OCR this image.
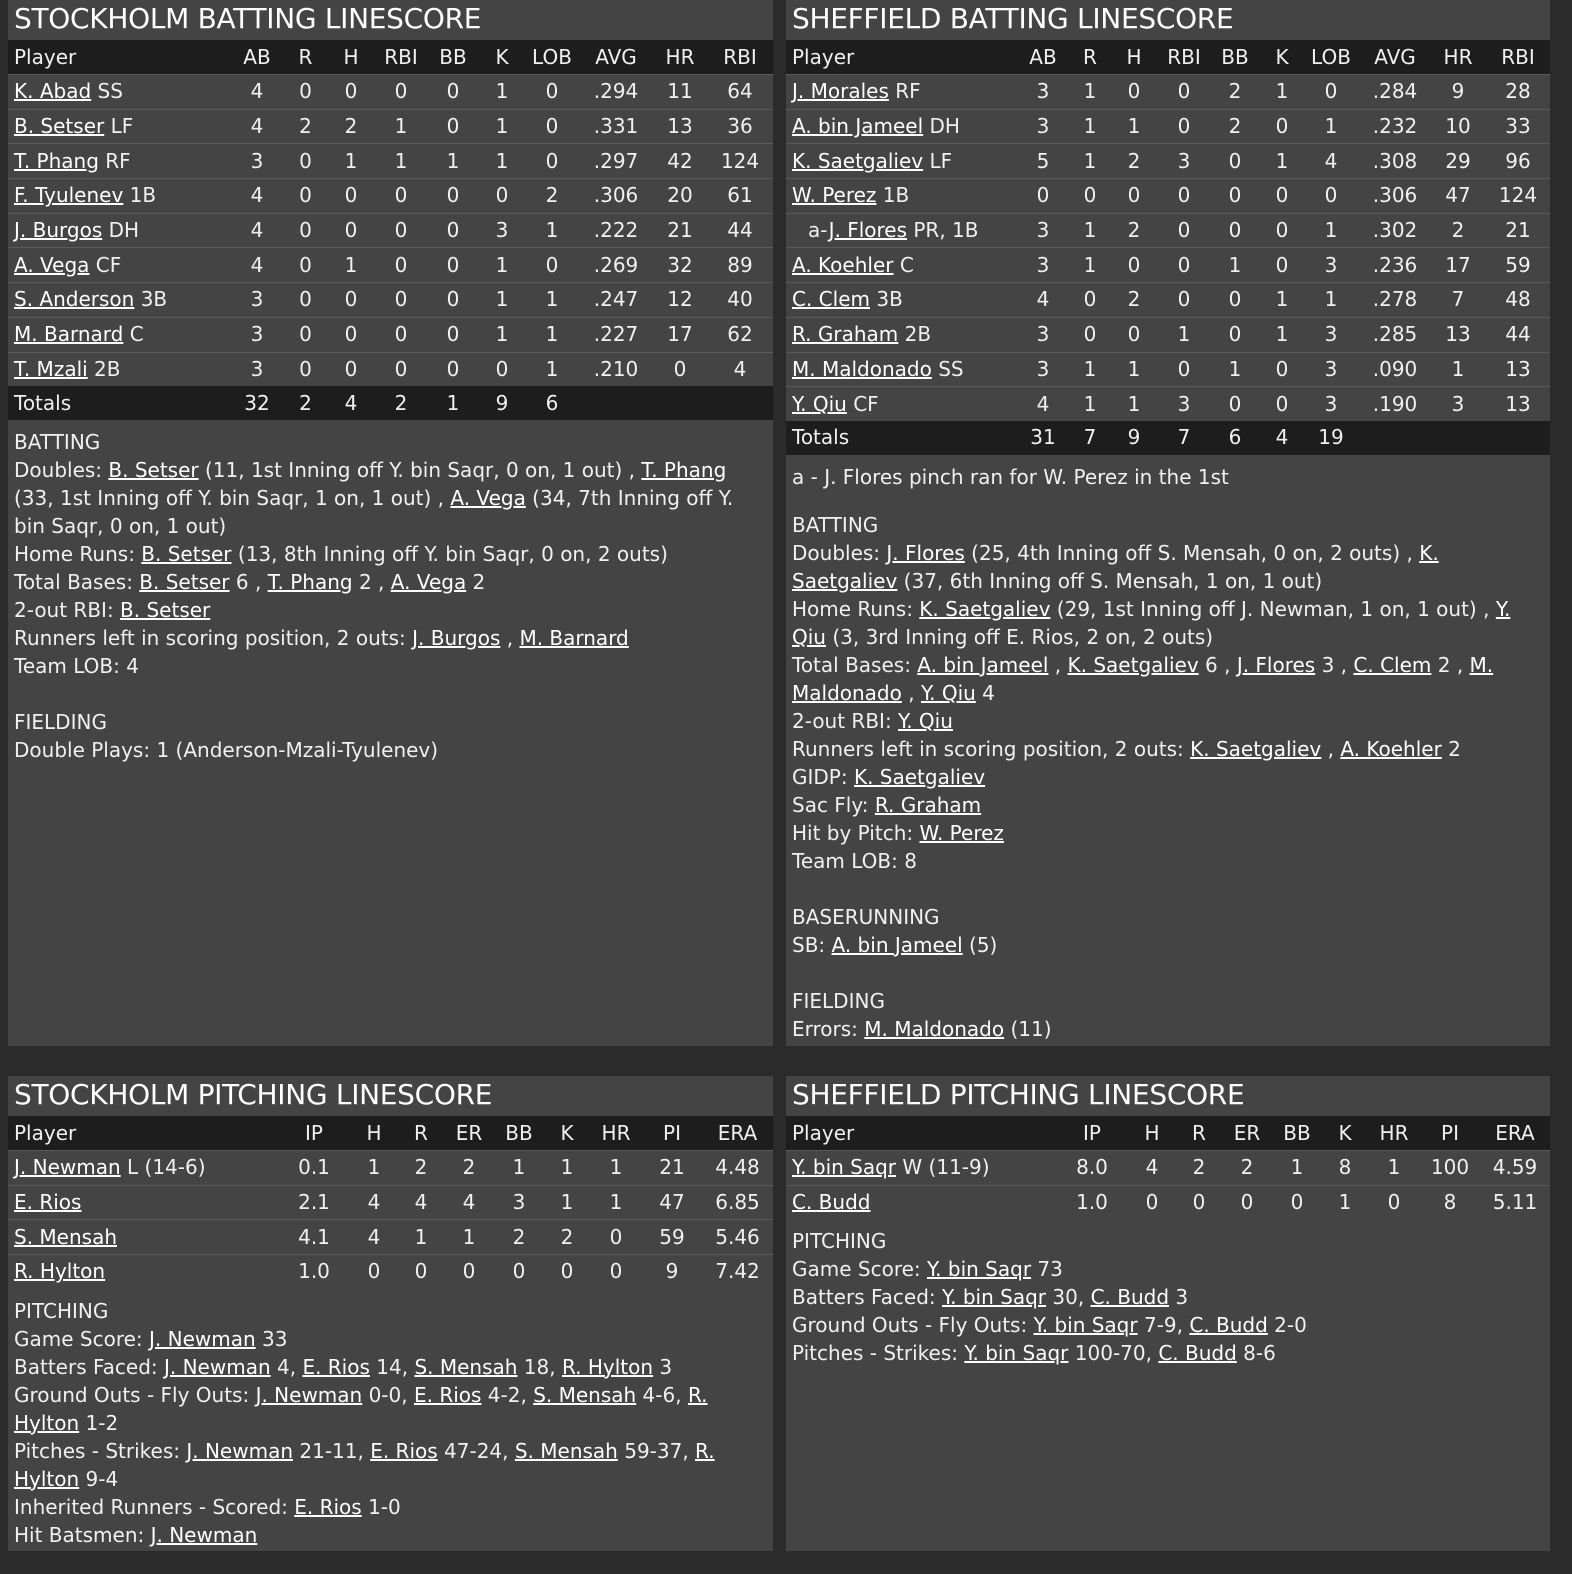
STOCKHOLM BATTING LINESCORE
Player	AB	R	H	RBI	BB	K	LOB	AVG	HR	RBI
K. Abad SS	4	0	0	0	0	1	0	.294	11	64
B. Setser LF	4	2	2	1	0	1	0	.331	13	36
T. Phang RF	3	0	1	1	1	1	0	.297	42	124
F. Tyulenev 1B	4	0	0	0	0	0	2	.306	20	61
J. Burgos DH	4	0	0	0	0	3	1	.222	21	44
A. Vega CF	4	0	1	0	0	1	0	.269	32	89
S. Anderson 3B	3	0	0	0	0	1	1	.247	12	40
M. Barnard C	3	0	0	0	0	1	1	.227	17	62
T. Mzali 2B	3	0	0	0	0	0	1	.210	0	4
Totals	32	2	4	2	1	9	6			
BATTING
Doubles: B. Setser (11, 1st Inning off Y. bin Saqr, 0 on, 1 out) , T. Phang (33, 1st Inning off Y. bin Saqr, 1 on, 1 out) , A. Vega (34, 7th Inning off Y. bin Saqr, 0 on, 1 out)
Home Runs: B. Setser (13, 8th Inning off Y. bin Saqr, 0 on, 2 outs)
Total Bases: B. Setser 6 , T. Phang 2 , A. Vega 2
2-out RBI: B. Setser
Runners left in scoring position, 2 outs: J. Burgos , M. Barnard
Team LOB: 4
FIELDING
Double Plays: 1 (Anderson-Mzali-Tyulenev)
SHEFFIELD BATTING LINESCORE
Player	AB	R	H	RBI	BB	K	LOB	AVG	HR	RBI
J. Morales RF	3	1	0	0	2	1	0	.284	9	28
A. bin Jameel DH	3	1	1	0	2	0	1	.232	10	33
K. Saetgaliev LF	5	1	2	3	0	1	4	.308	29	96
W. Perez 1B	0	0	0	0	0	0	0	.306	47	124
a-J. Flores PR, 1B	3	1	2	0	0	0	1	.302	2	21
A. Koehler C	3	1	0	0	1	0	3	.236	17	59
C. Clem 3B	4	0	2	0	0	1	1	.278	7	48
R. Graham 2B	3	0	0	1	0	1	3	.285	13	44
M. Maldonado SS	3	1	1	0	1	0	3	.090	1	13
Y. Qiu CF	4	1	1	3	0	0	3	.190	3	13
Totals	31	7	9	7	6	4	19			
a - J. Flores pinch ran for W. Perez in the 1st
BATTING
Doubles: J. Flores (25, 4th Inning off S. Mensah, 0 on, 2 outs) , K. Saetgaliev (37, 6th Inning off S. Mensah, 1 on, 1 out)
Home Runs: K. Saetgaliev (29, 1st Inning off J. Newman, 1 on, 1 out) , Y. Qiu (3, 3rd Inning off E. Rios, 2 on, 2 outs)
Total Bases: A. bin Jameel , K. Saetgaliev 6 , J. Flores 3 , C. Clem 2 , M. Maldonado , Y. Qiu 4
2-out RBI: Y. Qiu
Runners left in scoring position, 2 outs: K. Saetgaliev , A. Koehler 2
GIDP: K. Saetgaliev
Sac Fly: R. Graham
Hit by Pitch: W. Perez
Team LOB: 8
BASERUNNING
SB: A. bin Jameel (5)
FIELDING
Errors: M. Maldonado (11)
STOCKHOLM PITCHING LINESCORE
Player	IP	H	R	ER	BB	K	HR	PI	ERA
J. Newman L (14-6)	0.1	1	2	2	1	1	1	21	4.48
E. Rios	2.1	4	4	4	3	1	1	47	6.85
S. Mensah	4.1	4	1	1	2	2	0	59	5.46
R. Hylton	1.0	0	0	0	0	0	0	9	7.42
PITCHING
Game Score: J. Newman 33
Batters Faced: J. Newman 4, E. Rios 14, S. Mensah 18, R. Hylton 3
Ground Outs - Fly Outs: J. Newman 0-0, E. Rios 4-2, S. Mensah 4-6, R. Hylton 1-2
Pitches - Strikes: J. Newman 21-11, E. Rios 47-24, S. Mensah 59-37, R. Hylton 9-4
Inherited Runners - Scored: E. Rios 1-0
Hit Batsmen: J. Newman
SHEFFIELD PITCHING LINESCORE
Player	IP	H	R	ER	BB	K	HR	PI	ERA
Y. bin Saqr W (11-9)	8.0	4	2	2	1	8	1	100	4.59
C. Budd	1.0	0	0	0	0	1	0	8	5.11
PITCHING
Game Score: Y. bin Saqr 73
Batters Faced: Y. bin Saqr 30, C. Budd 3
Ground Outs - Fly Outs: Y. bin Saqr 7-9, C. Budd 2-0
Pitches - Strikes: Y. bin Saqr 100-70, C. Budd 8-6
